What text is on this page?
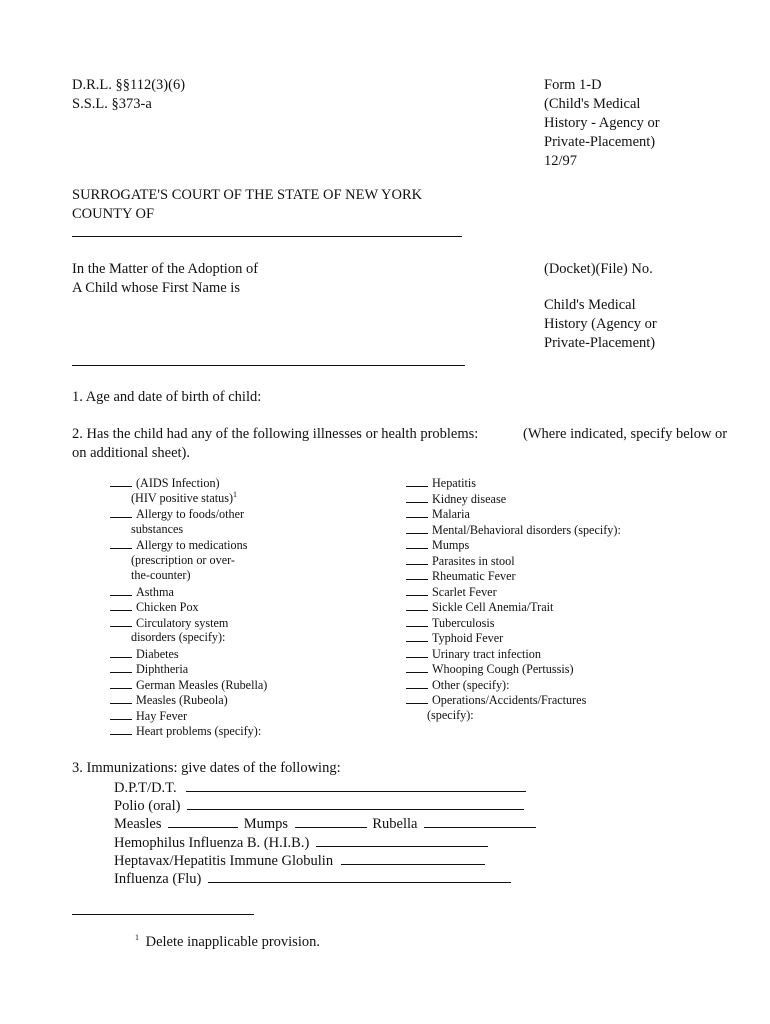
D.R.L. §§112(3)(6)
S.S.L. §373-a
Form 1-D
(Child's Medical
History - Agency or
Private-Placement)
12/97
SURROGATE'S COURT OF THE STATE OF NEW YORK
COUNTY OF
In the Matter of the Adoption of
A Child whose First Name is
(Docket)(File) No.
Child's Medical
History (Agency or
Private-Placement)
1. Age and date of birth of child:
2. Has the child had any of the following illnesses or health problems:	(Where indicated, specify below or
on additional sheet).
(AIDS Infection)
(HIV positive status)$^1$
Allergy to foods/other
substances
Allergy to medications
(prescription or over-
the-counter)
Asthma
Chicken Pox
Circulatory system
disorders (specify):
Diabetes
Diphtheria
German Measles (Rubella)
Measles (Rubeola)
Hay Fever
Heart problems (specify):
Hepatitis
Kidney disease
Malaria
Mental/Behavioral disorders (specify):
Mumps
Parasites in stool
Rheumatic Fever
Scarlet Fever
Sickle Cell Anemia/Trait
Tuberculosis
Typhoid Fever
Urinary tract infection
Whooping Cough (Pertussis)
Other (specify):
Operations/Accidents/Fractures
(specify):
3. Immunizations: give dates of the following:
D.P.T/D.T.
Polio (oral)
Measles	Mumps	Rubella
Hemophilus Influenza B. (H.I.B.)
Heptavax/Hepatitis Immune Globulin
Influenza (Flu)
$^1$ Delete inapplicable provision.
